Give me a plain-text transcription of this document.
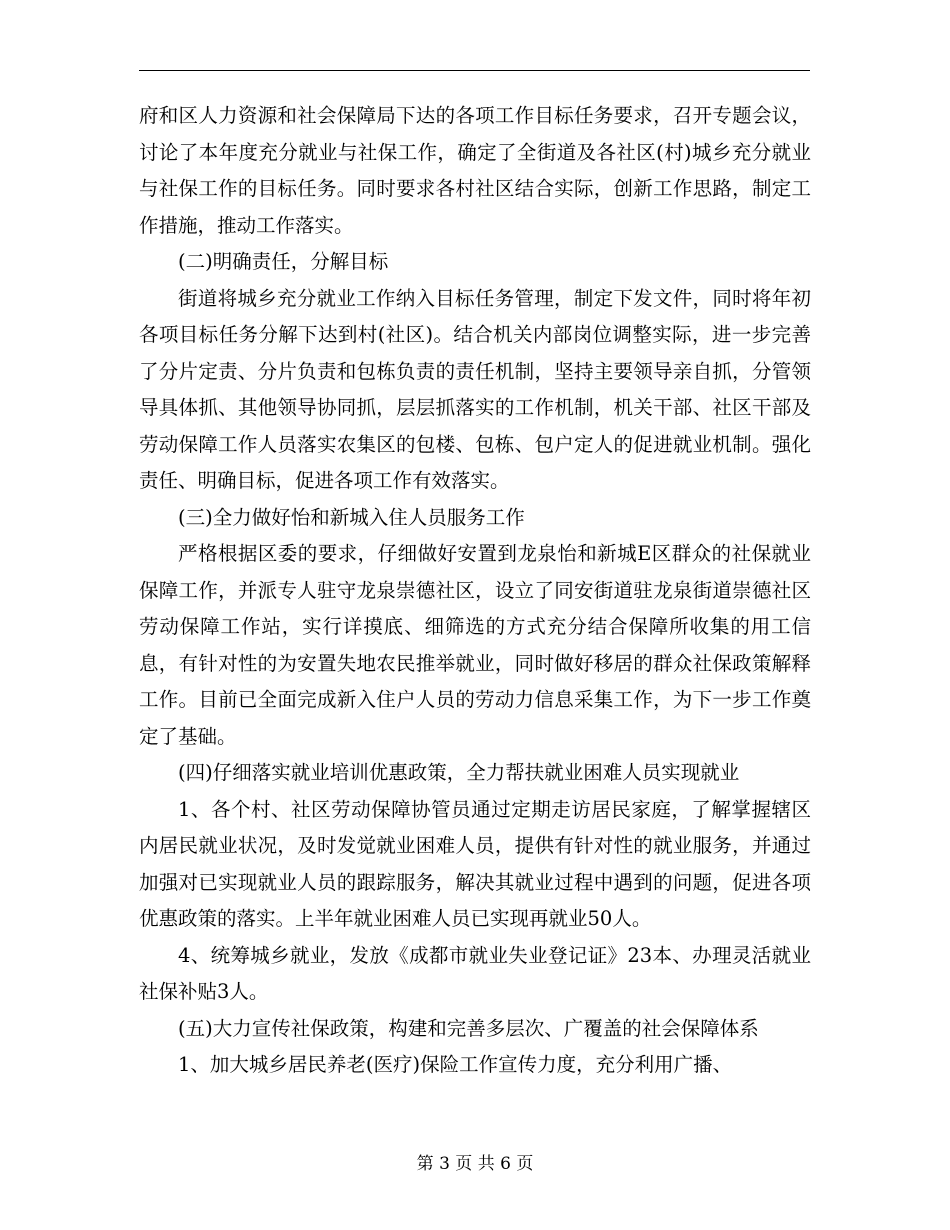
府和区人力资源和社会保障局下达的各项工作目标任务要求，召开专题会议，讨论了本年度充分就业与社保工作，确定了全街道及各社区(村)城乡充分就业与社保工作的目标任务。同时要求各村社区结合实际，创新工作思路，制定工作措施，推动工作落实。

(二)明确责任，分解目标

街道将城乡充分就业工作纳入目标任务管理，制定下发文件，同时将年初各项目标任务分解下达到村(社区)。结合机关内部岗位调整实际，进一步完善了分片定责、分片负责和包栋负责的责任机制，坚持主要领导亲自抓，分管领导具体抓、其他领导协同抓，层层抓落实的工作机制，机关干部、社区干部及劳动保障工作人员落实农集区的包楼、包栋、包户定人的促进就业机制。强化责任、明确目标，促进各项工作有效落实。

(三)全力做好怡和新城入住人员服务工作

严格根据区委的要求，仔细做好安置到龙泉怡和新城E区群众的社保就业保障工作，并派专人驻守龙泉崇德社区，设立了同安街道驻龙泉街道崇德社区劳动保障工作站，实行详摸底、细筛选的方式充分结合保障所收集的用工信息，有针对性的为安置失地农民推举就业，同时做好移居的群众社保政策解释工作。目前已全面完成新入住户人员的劳动力信息采集工作，为下一步工作奠定了基础。

(四)仔细落实就业培训优惠政策，全力帮扶就业困难人员实现就业

1、各个村、社区劳动保障协管员通过定期走访居民家庭，了解掌握辖区内居民就业状况，及时发觉就业困难人员，提供有针对性的就业服务，并通过加强对已实现就业人员的跟踪服务，解决其就业过程中遇到的问题，促进各项优惠政策的落实。上半年就业困难人员已实现再就业50人。

4、统筹城乡就业，发放《成都市就业失业登记证》23本、办理灵活就业社保补贴3人。

(五)大力宣传社保政策，构建和完善多层次、广覆盖的社会保障体系

1、加大城乡居民养老(医疗)保险工作宣传力度，充分利用广播、

第 3 页 共 6 页
